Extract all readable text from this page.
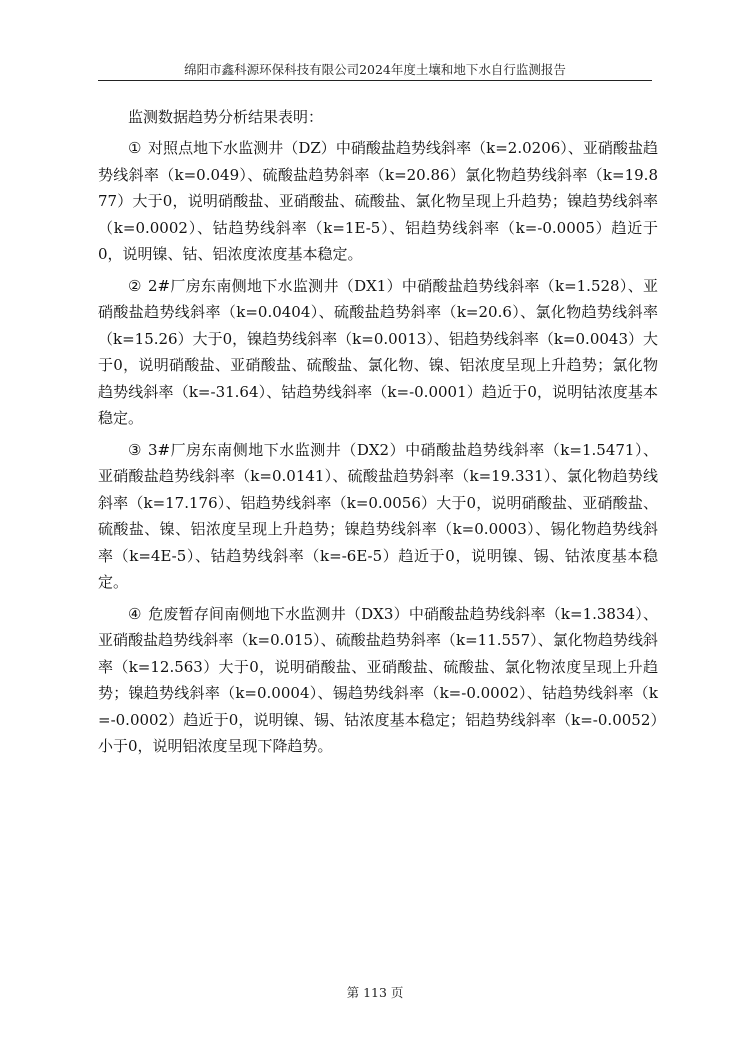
绵阳市鑫科源环保科技有限公司2024年度土壤和地下水自行监测报告

监测数据趋势分析结果表明：

① 对照点地下水监测井（DZ）中硝酸盐趋势线斜率（k=2.0206）、亚硝酸盐趋势线斜率（k=0.049）、硫酸盐趋势斜率（k=20.86）氯化物趋势线斜率（k=19.877）大于0，说明硝酸盐、亚硝酸盐、硫酸盐、氯化物呈现上升趋势；镍趋势线斜率（k=0.0002）、钴趋势线斜率（k=1E-5）、铝趋势线斜率（k=-0.0005）趋近于0，说明镍、钴、铝浓度浓度基本稳定。

② 2#厂房东南侧地下水监测井（DX1）中硝酸盐趋势线斜率（k=1.528）、亚硝酸盐趋势线斜率（k=0.0404）、硫酸盐趋势斜率（k=20.6）、氯化物趋势线斜率（k=15.26）大于0，镍趋势线斜率（k=0.0013）、铝趋势线斜率（k=0.0043）大于0，说明硝酸盐、亚硝酸盐、硫酸盐、氯化物、镍、铝浓度呈现上升趋势；氯化物趋势线斜率（k=-31.64）、钴趋势线斜率（k=-0.0001）趋近于0，说明钴浓度基本稳定。

③ 3#厂房东南侧地下水监测井（DX2）中硝酸盐趋势线斜率（k=1.5471）、亚硝酸盐趋势线斜率（k=0.0141）、硫酸盐趋势斜率（k=19.331）、氯化物趋势线斜率（k=17.176）、铝趋势线斜率（k=0.0056）大于0，说明硝酸盐、亚硝酸盐、硫酸盐、镍、铝浓度呈现上升趋势；镍趋势线斜率（k=0.0003）、锡化物趋势线斜率（k=4E-5）、钴趋势线斜率（k=-6E-5）趋近于0，说明镍、锡、钴浓度基本稳定。

④ 危废暂存间南侧地下水监测井（DX3）中硝酸盐趋势线斜率（k=1.3834）、亚硝酸盐趋势线斜率（k=0.015）、硫酸盐趋势斜率（k=11.557）、氯化物趋势线斜率（k=12.563）大于0，说明硝酸盐、亚硝酸盐、硫酸盐、氯化物浓度呈现上升趋势；镍趋势线斜率（k=0.0004）、锡趋势线斜率（k=-0.0002）、钴趋势线斜率（k=-0.0002）趋近于0，说明镍、锡、钴浓度基本稳定；铝趋势线斜率（k=-0.0052）小于0，说明铝浓度呈现下降趋势。

第 113 页
